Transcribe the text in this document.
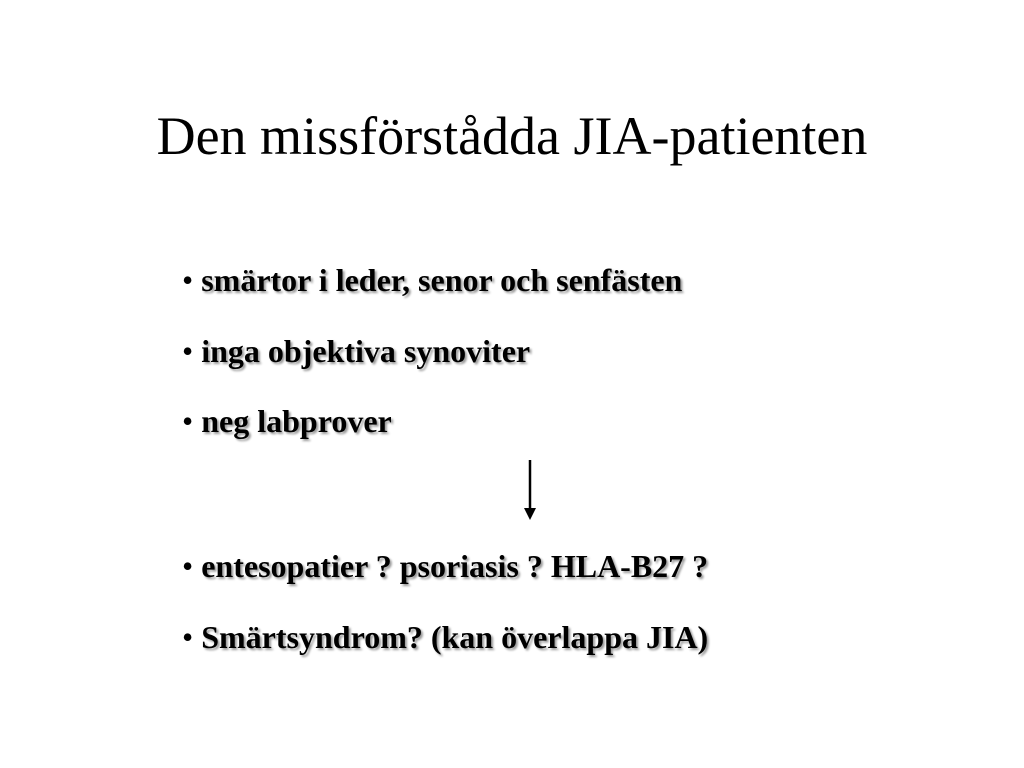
Den missförstådda JIA-patienten
• smärtor i leder, senor och senfästen
• inga objektiva synoviter
• neg labprover
• entesopatier ? psoriasis ? HLA-B27 ?
• Smärtsyndrom? (kan överlappa JIA)
